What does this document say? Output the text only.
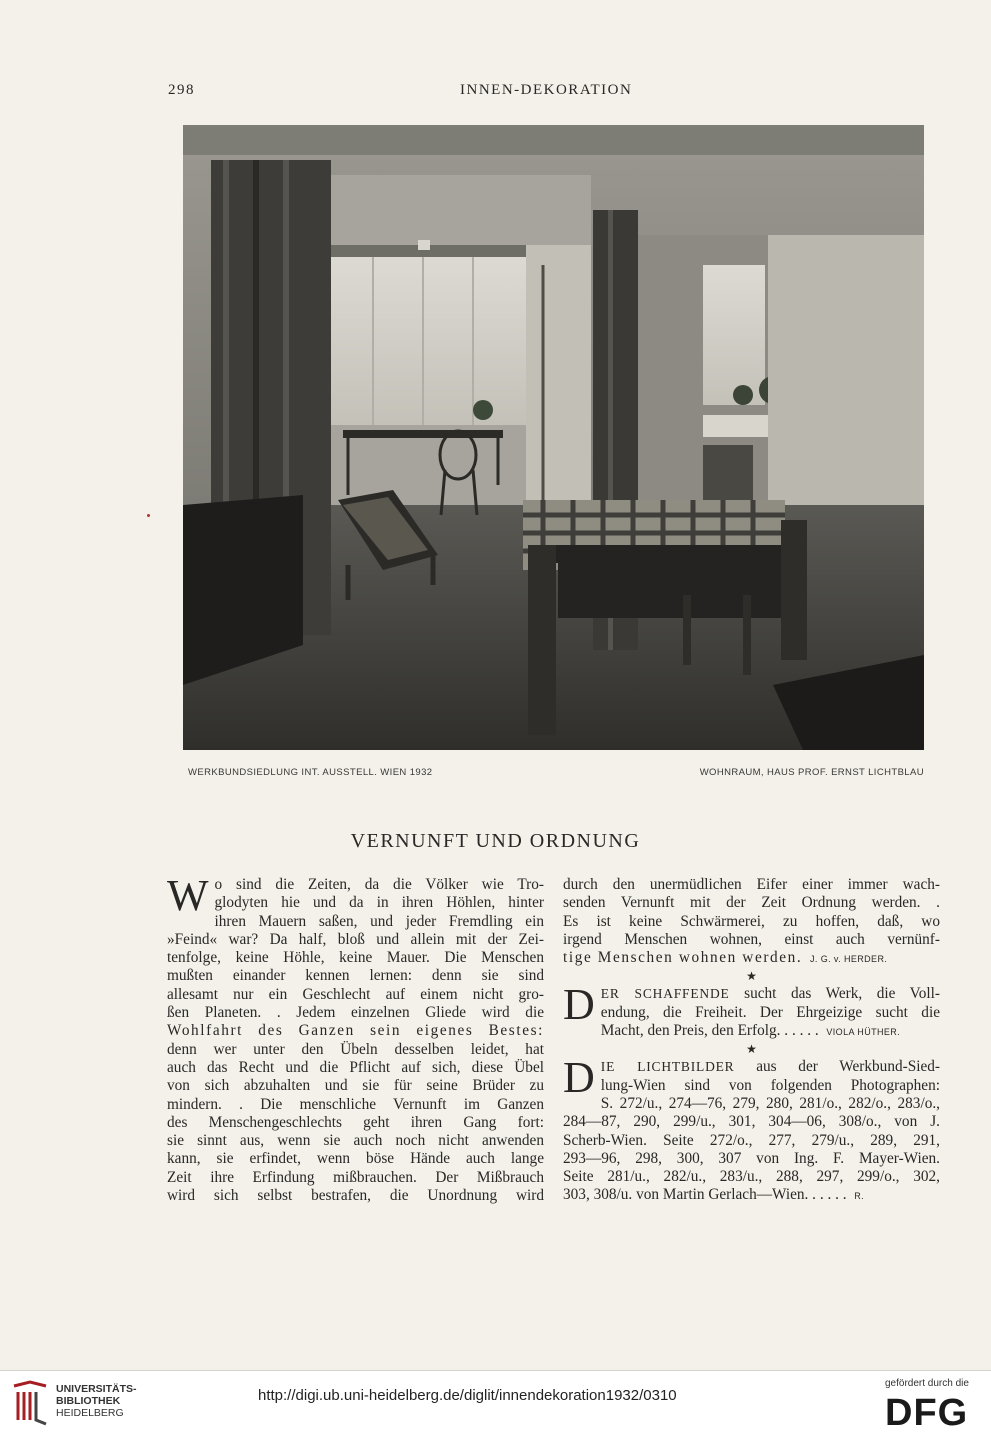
298	INNEN-DEKORATION
WERKBUNDSIEDLUNG INT. AUSSTELL. WIEN 1932	WOHNRAUM, HAUS PROF. ERNST LICHTBLAU
VERNUNFT UND ORDNUNG
W o sind die Zeiten, da die Völker wie Tro-
glodyten hie und da in ihren Höhlen, hinter
ihren Mauern saßen, und jeder Fremdling ein
»Feind« war? Da half, bloß und allein mit der Zei-
tenfolge, keine Höhle, keine Mauer. Die Menschen
mußten einander kennen lernen: denn sie sind
allesamt nur ein Geschlecht auf einem nicht gro-
ßen Planeten. . Jedem einzelnen Gliede wird die
Wohlfahrt des Ganzen sein eigenes Bestes:
denn wer unter den Übeln desselben leidet, hat
auch das Recht und die Pflicht auf sich, diese Übel
von sich abzuhalten und sie für seine Brüder zu
mindern. . Die menschliche Vernunft im Ganzen
des Menschengeschlechts geht ihren Gang fort:
sie sinnt aus, wenn sie auch noch nicht anwenden
kann, sie erfindet, wenn böse Hände auch lange
Zeit ihre Erfindung mißbrauchen. Der Mißbrauch
wird sich selbst bestrafen, die Unordnung wird
durch den unermüdlichen Eifer einer immer wach-
senden Vernunft mit der Zeit Ordnung werden. .
Es ist keine Schwärmerei, zu hoffen, daß, wo
irgend Menschen wohnen, einst auch vernünf-
tige Menschen wohnen werden. J. G. v. HERDER.
★
D ER SCHAFFENDE sucht das Werk, die Voll-
endung, die Freiheit. Der Ehrgeizige sucht die
Macht, den Preis, den Erfolg. . . . . . VIOLA HÜTHER.
★
D IE LICHTBILDER aus der Werkbund-Sied-
lung-Wien sind von folgenden Photographen:
S. 272/u., 274—76, 279, 280, 281/o., 282/o., 283/o.,
284—87, 290, 299/u., 301, 304—06, 308/o., von J.
Scherb-Wien. Seite 272/o., 277, 279/u., 289, 291,
293—96, 298, 300, 307 von Ing. F. Mayer-Wien.
Seite 281/u., 282/u., 283/u., 288, 297, 299/o., 302,
303, 308/u. von Martin Gerlach—Wien. . . . . . R.
UNIVERSITÄTS-
BIBLIOTHEK
HEIDELBERG
http://digi.ub.uni-heidelberg.de/diglit/innendekoration1932/0310
gefördert durch die
DFG
